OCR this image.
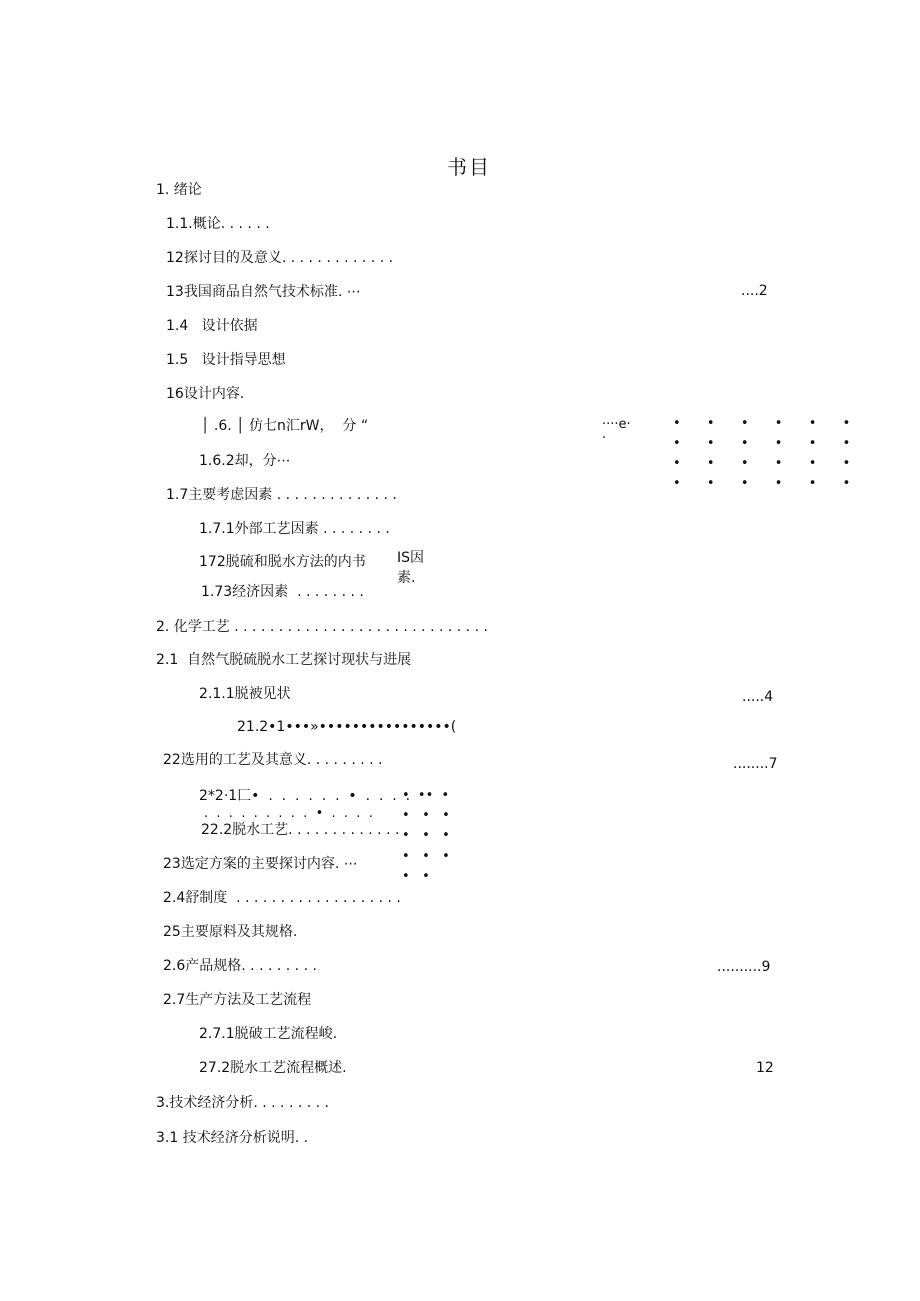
书目
1. 绪论
1.1.概论. . . . . .
12探讨目的及意义. . . . . . . . . . . . .
13我国商品自然气技术标准. ⋯	....2
1.4   设计依据
1.5   设计指导思想
16设计内容.
│ .6. │ 仿七n汇rW，  分 “	····e·
·
•  •  •  •  •  •
•  •  •  •  •  •
•  •  •  •  •  •
•  •  •  •  •  •
1.6.2却，分⋯
1.7主要考虑因素 . . . . . . . . . . . . . .
1.7.1外部工艺因素 . . . . . . . .
172脱硫和脱水方法的内书 IS因
素.
1.73经济因素  . . . . . . . .
2. 化学工艺 . . . . . . . . . . . . . . . . . . . . . . . . . . . . .
2.1  自然气脱硫脱水工艺探讨现状与进展
2.1.1脱被见状	.....4
21.2•1•••»••••••••••••••••(
22选用的工艺及其意义. . . . . . . . .	........7
2*2·1匚•  .  .  .  .  .  .  •  .  .  .  .
.  .  .  .  .  .  .  .  .  •  .  .  .  .
22.2脱水工艺. . . . . . . . . . . . .
•  ••  •
•   •   •
•   •   •
•   •   •
•   •
23选定方案的主要探讨内容. ⋯
2.4舒制度  . . . . . . . . . . . . . . . . . . .
25主要原料及其规格.
2.6产品规格. . . . . . . . .	..........9
2.7生产方法及工艺流程
2.7.1脱破工艺流程峻.
27.2脱水工艺流程概述.	12
3.技术经济分析. . . . . . . . .
3.1 技术经济分析说明. .
